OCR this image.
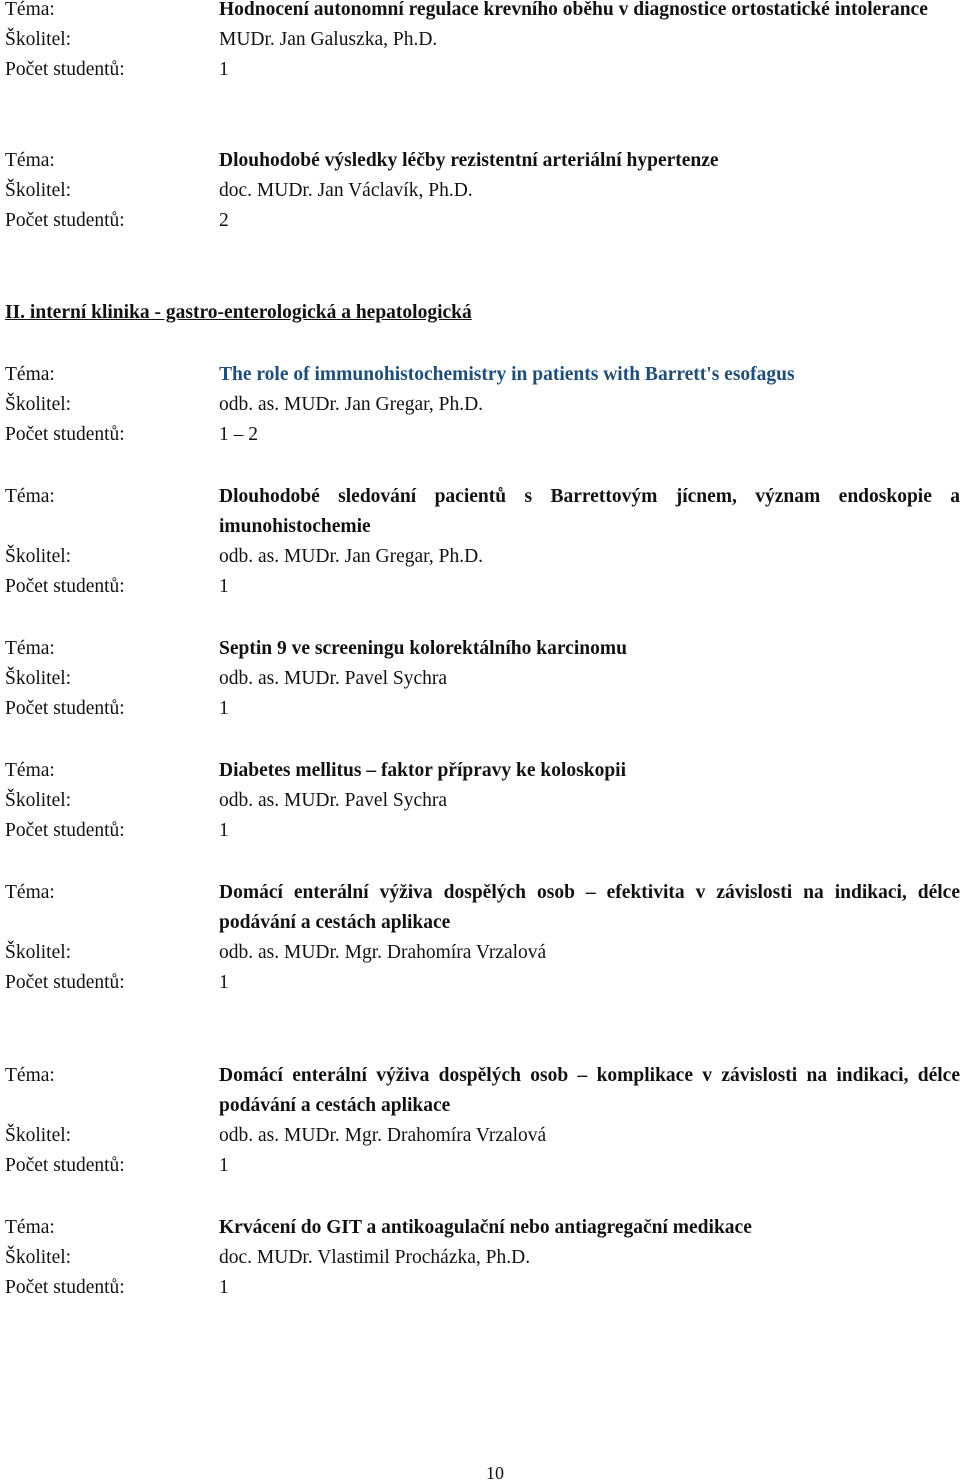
Téma:	Hodnocení autonomní regulace krevního oběhu v diagnostice ortostatické intolerance
Školitel:	MUDr. Jan Galuszka, Ph.D.
Počet studentů:	1
Téma:	Dlouhodobé výsledky léčby rezistentní arteriální hypertenze
Školitel:	doc. MUDr. Jan Václavík, Ph.D.
Počet studentů:	2
II. interní klinika - gastro-enterologická a hepatologická
Téma:	The role of immunohistochemistry in patients with Barrett's esofagus
Školitel:	odb. as. MUDr. Jan Gregar, Ph.D.
Počet studentů:	1 – 2
Téma:	Dlouhodobé sledování pacientů s Barrettovým jícnem, význam endoskopie a imunohistochemie
Školitel:	odb. as. MUDr. Jan Gregar, Ph.D.
Počet studentů:	1
Téma:	Septin 9 ve screeningu kolorektálního karcinomu
Školitel:	odb. as. MUDr. Pavel Sychra
Počet studentů:	1
Téma:	Diabetes mellitus – faktor přípravy ke koloskopii
Školitel:	odb. as. MUDr. Pavel Sychra
Počet studentů:	1
Téma:	Domácí enterální výživa dospělých osob – efektivita v závislosti na indikaci, délce podávání a cestách aplikace
Školitel:	odb. as. MUDr. Mgr. Drahomíra Vrzalová
Počet studentů:	1
Téma:	Domácí enterální výživa dospělých osob – komplikace v závislosti na indikaci, délce podávání a cestách aplikace
Školitel:	odb. as. MUDr. Mgr. Drahomíra Vrzalová
Počet studentů:	1
Téma:	Krvácení do GIT a antikoagulační nebo antiagregační medikace
Školitel:	doc. MUDr. Vlastimil Procházka, Ph.D.
Počet studentů:	1
10
